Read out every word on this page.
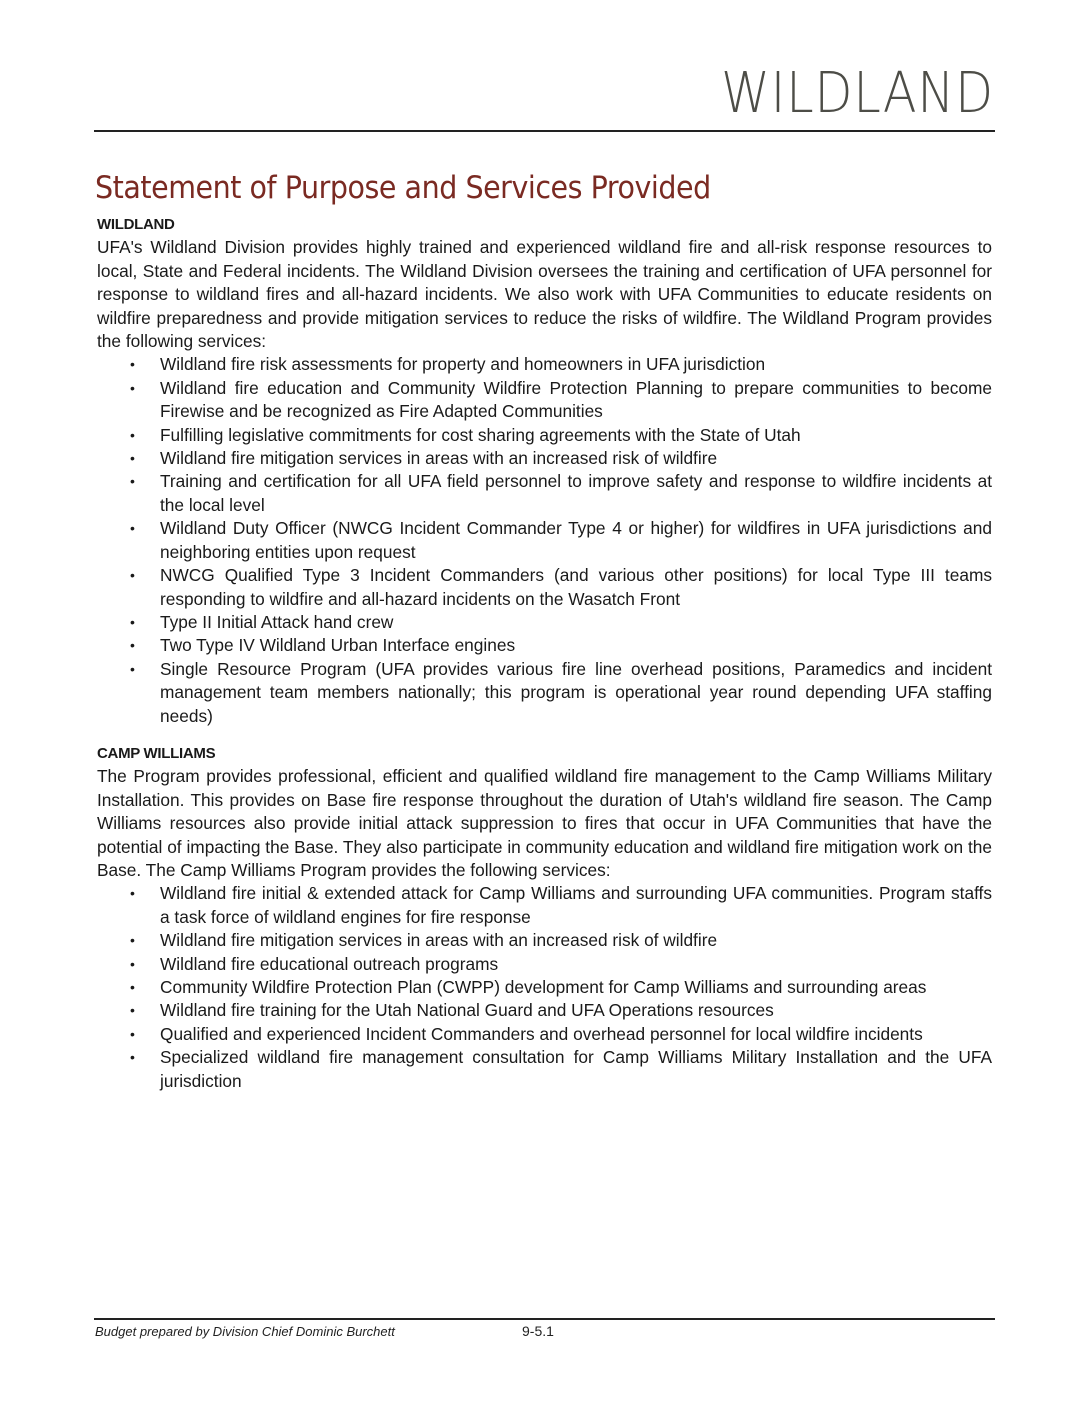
WILDLAND
Statement of Purpose and Services Provided

WILDLAND

UFA's Wildland Division provides highly trained and experienced wildland fire and all-risk response resources to local, State and Federal incidents. The Wildland Division oversees the training and certification of UFA personnel for response to wildland fires and all-hazard incidents. We also work with UFA Communities to educate residents on wildfire preparedness and provide mitigation services to reduce the risks of wildfire. The Wildland Program provides the following services:

• Wildland fire risk assessments for property and homeowners in UFA jurisdiction
• Wildland fire education and Community Wildfire Protection Planning to prepare communities to become Firewise and be recognized as Fire Adapted Communities
• Fulfilling legislative commitments for cost sharing agreements with the State of Utah
• Wildland fire mitigation services in areas with an increased risk of wildfire
• Training and certification for all UFA field personnel to improve safety and response to wildfire incidents at the local level
• Wildland Duty Officer (NWCG Incident Commander Type 4 or higher) for wildfires in UFA jurisdictions and neighboring entities upon request
• NWCG Qualified Type 3 Incident Commanders (and various other positions) for local Type III teams responding to wildfire and all-hazard incidents on the Wasatch Front
• Type II Initial Attack hand crew
• Two Type IV Wildland Urban Interface engines
• Single Resource Program (UFA provides various fire line overhead positions, Paramedics and incident management team members nationally; this program is operational year round depending UFA staffing needs)

CAMP WILLIAMS

The Program provides professional, efficient and qualified wildland fire management to the Camp Williams Military Installation. This provides on Base fire response throughout the duration of Utah's wildland fire season. The Camp Williams resources also provide initial attack suppression to fires that occur in UFA Communities that have the potential of impacting the Base. They also participate in community education and wildland fire mitigation work on the Base. The Camp Williams Program provides the following services:

• Wildland fire initial & extended attack for Camp Williams and surrounding UFA communities. Program staffs a task force of wildland engines for fire response
• Wildland fire mitigation services in areas with an increased risk of wildfire
• Wildland fire educational outreach programs
• Community Wildfire Protection Plan (CWPP) development for Camp Williams and surrounding areas
• Wildland fire training for the Utah National Guard and UFA Operations resources
• Qualified and experienced Incident Commanders and overhead personnel for local wildfire incidents
• Specialized wildland fire management consultation for Camp Williams Military Installation and the UFA jurisdiction
Budget prepared by Division Chief Dominic Burchett	9-5.1
